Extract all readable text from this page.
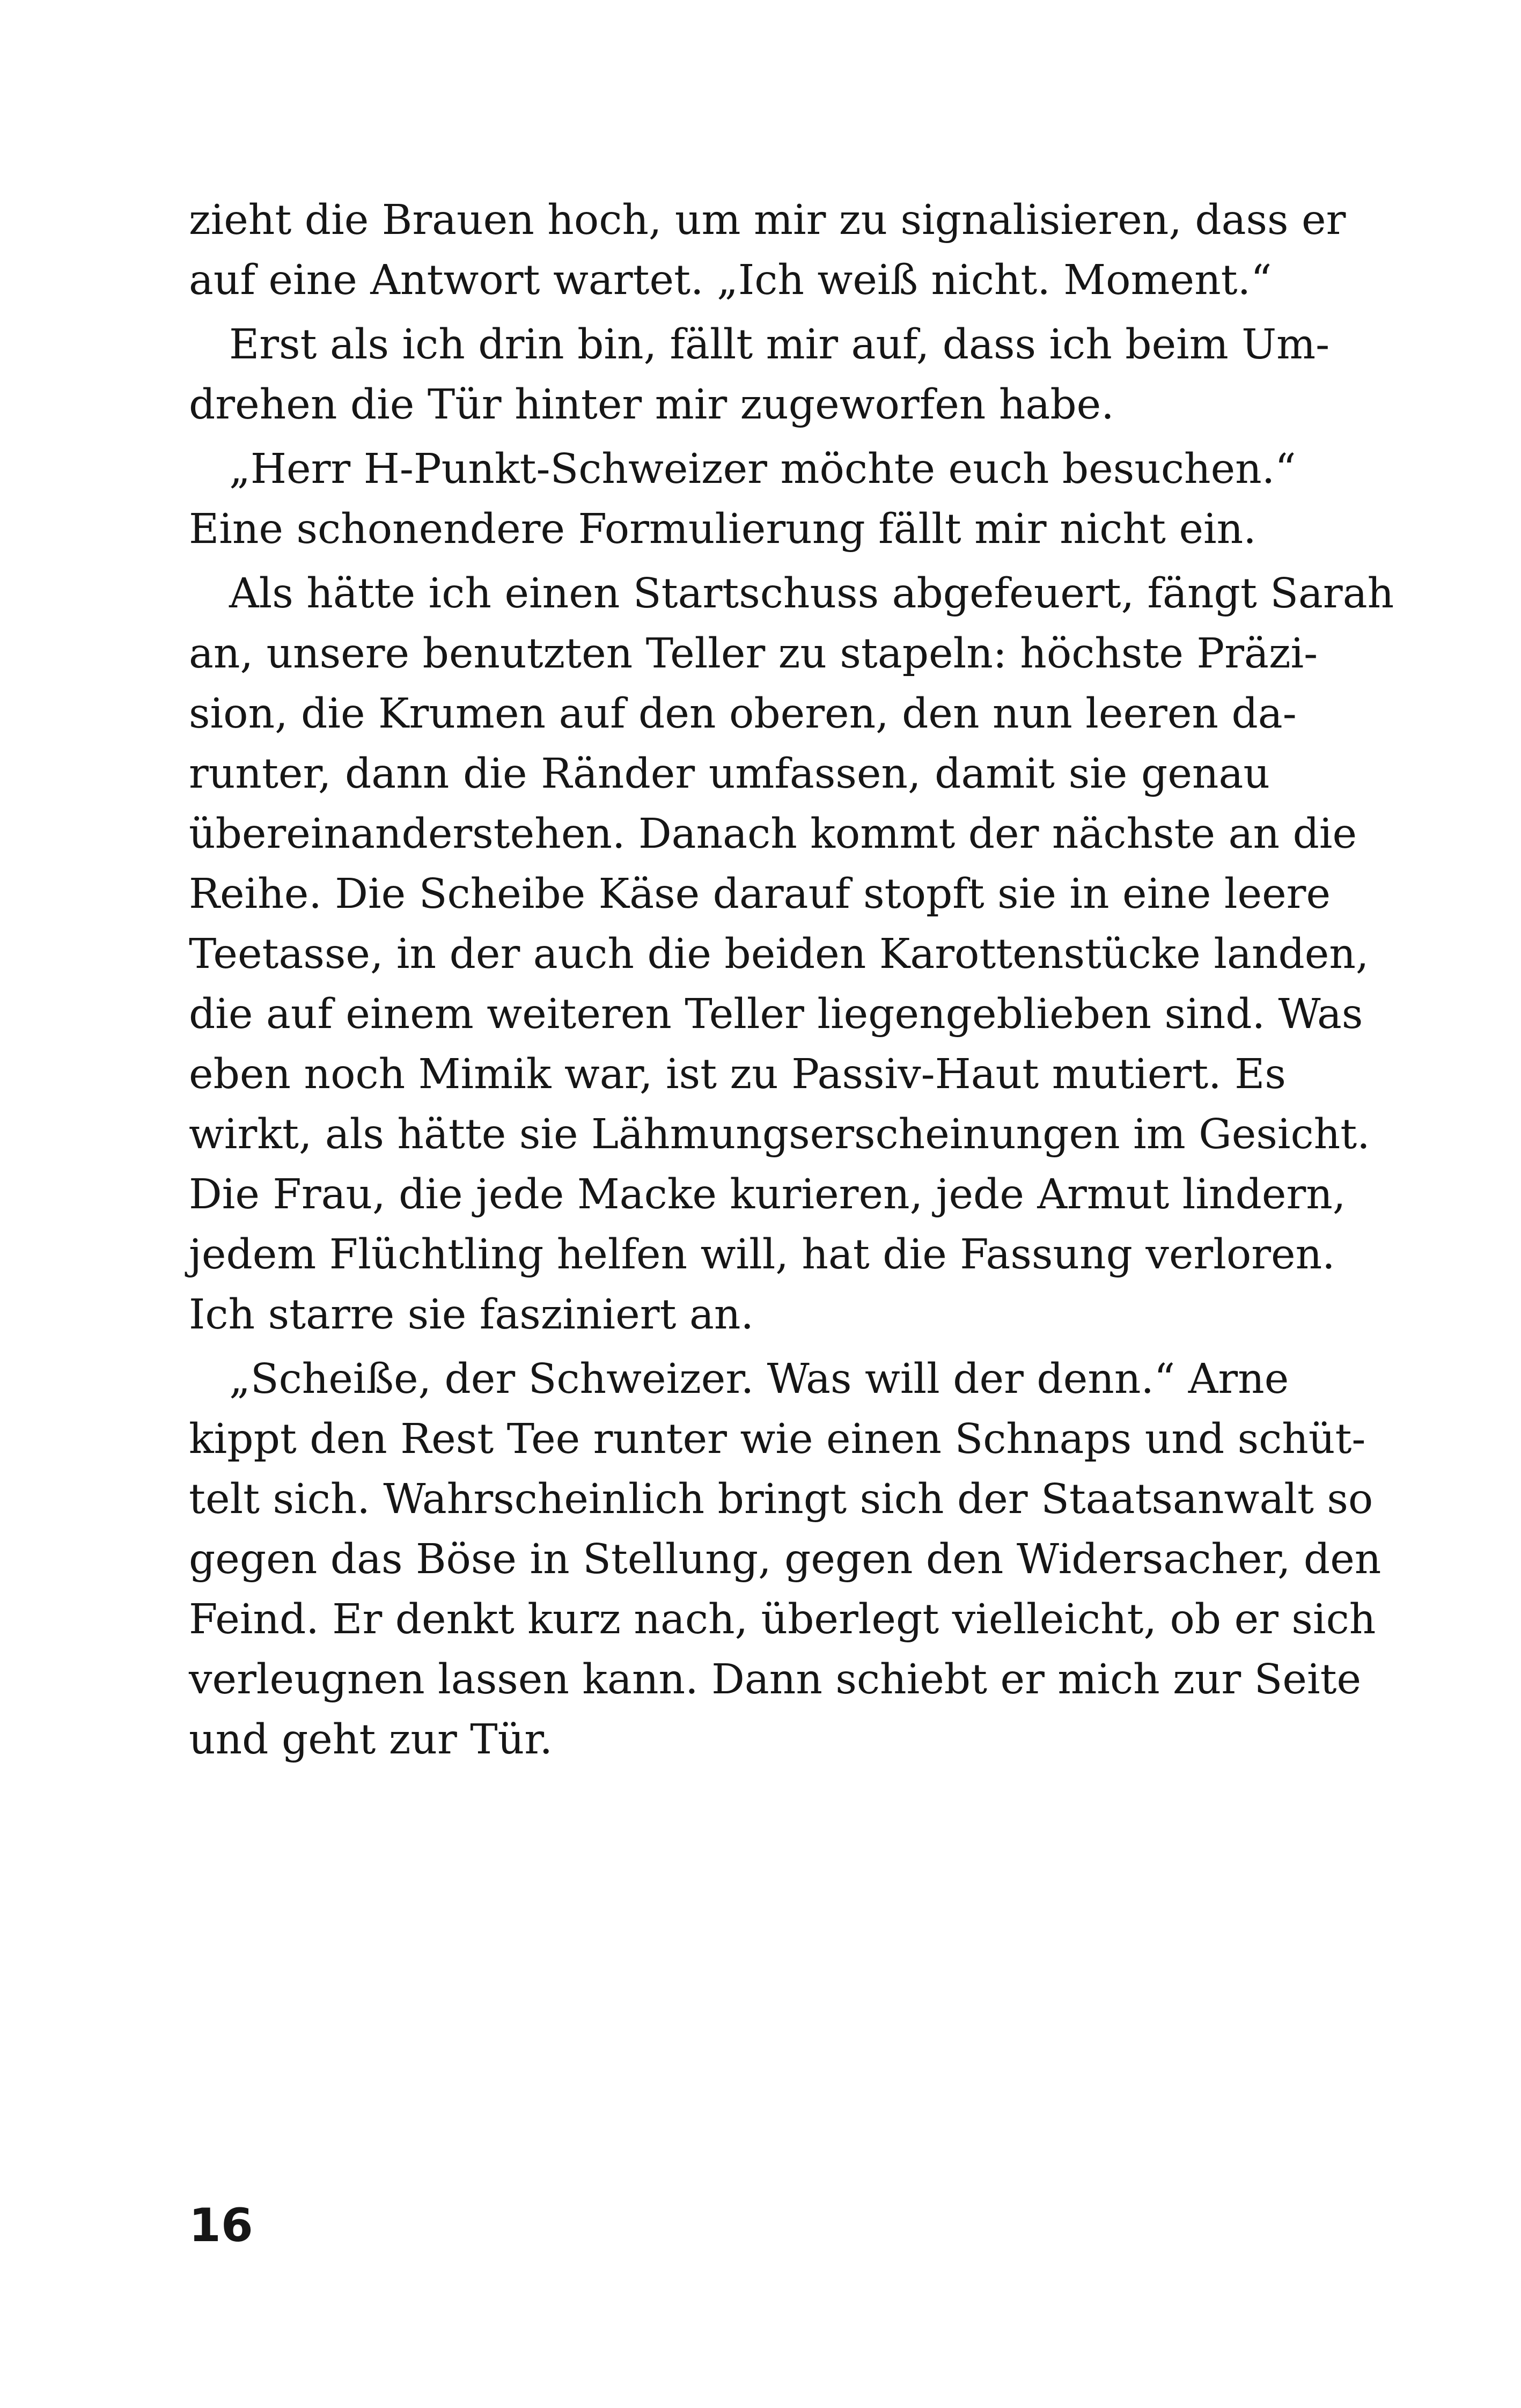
zieht die Brauen hoch, um mir zu signalisieren, dass er
auf eine Antwort wartet. „Ich weiß nicht. Moment.“
Erst als ich drin bin, fällt mir auf, dass ich beim Um-
drehen die Tür hinter mir zugeworfen habe.
„Herr H-Punkt-Schweizer möchte euch besuchen.“
Eine schonendere Formulierung fällt mir nicht ein.
Als hätte ich einen Startschuss abgefeuert, fängt Sarah
an, unsere benutzten Teller zu stapeln: höchste Präzi-
sion, die Krumen auf den oberen, den nun leeren da-
runter, dann die Ränder umfassen, damit sie genau
übereinanderstehen. Danach kommt der nächste an die
Reihe. Die Scheibe Käse darauf stopft sie in eine leere
Teetasse, in der auch die beiden Karottenstücke landen,
die auf einem weiteren Teller liegengeblieben sind. Was
eben noch Mimik war, ist zu Passiv-Haut mutiert. Es
wirkt, als hätte sie Lähmungserscheinungen im Gesicht.
Die Frau, die jede Macke kurieren, jede Armut lindern,
jedem Flüchtling helfen will, hat die Fassung verloren.
Ich starre sie fasziniert an.
„Scheiße, der Schweizer. Was will der denn.“ Arne
kippt den Rest Tee runter wie einen Schnaps und schüt-
telt sich. Wahrscheinlich bringt sich der Staatsanwalt so
gegen das Böse in Stellung, gegen den Widersacher, den
Feind. Er denkt kurz nach, überlegt vielleicht, ob er sich
verleugnen lassen kann. Dann schiebt er mich zur Seite
und geht zur Tür.
16
